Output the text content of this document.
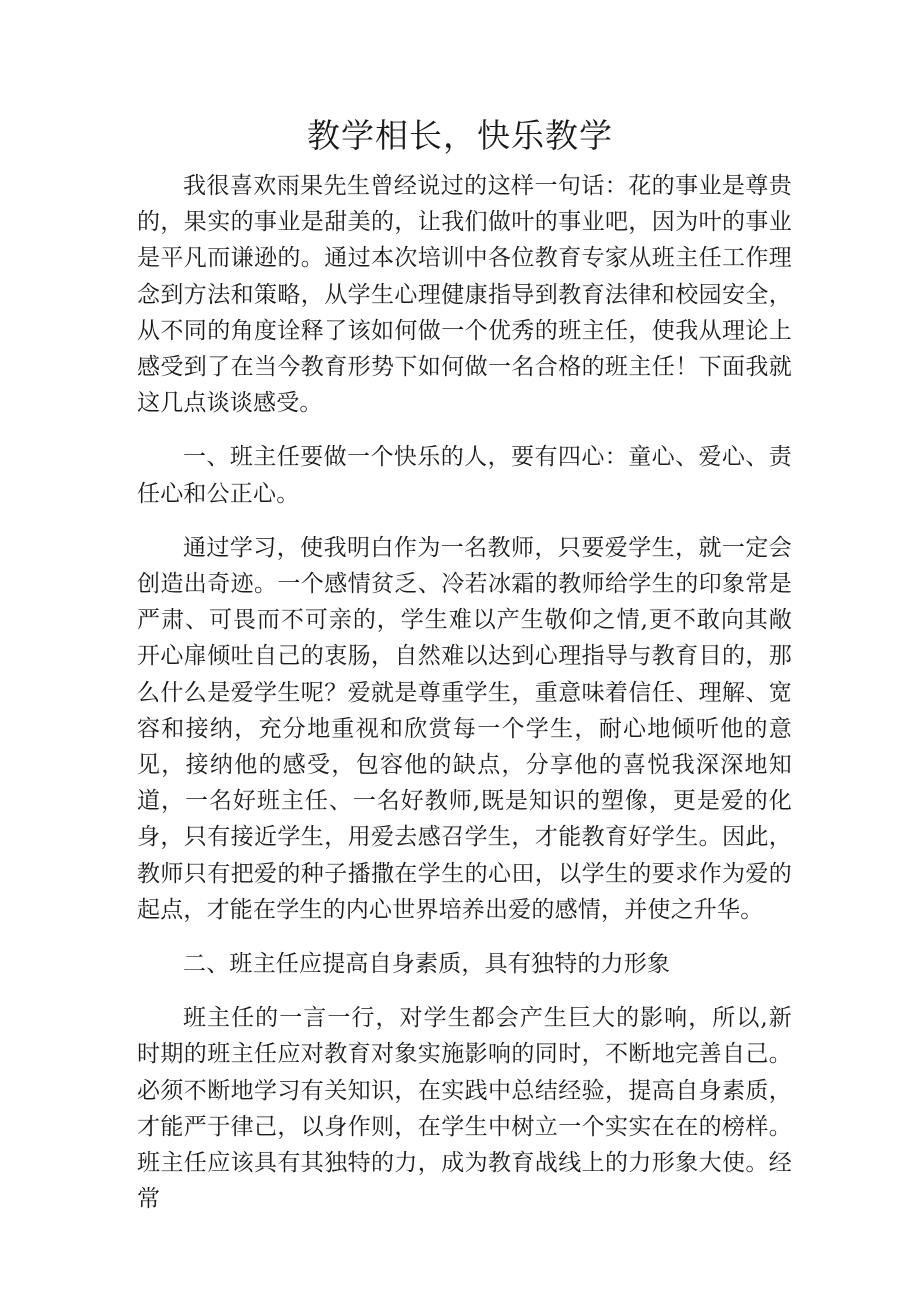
教学相长，快乐教学

我很喜欢雨果先生曾经说过的这样一句话：花的事业是尊贵的，果实的事业是甜美的，让我们做叶的事业吧，因为叶的事业是平凡而谦逊的。通过本次培训中各位教育专家从班主任工作理念到方法和策略，从学生心理健康指导到教育法律和校园安全，从不同的角度诠释了该如何做一个优秀的班主任，使我从理论上感受到了在当今教育形势下如何做一名合格的班主任！下面我就这几点谈谈感受。

一、班主任要做一个快乐的人，要有四心：童心、爱心、责任心和公正心。

通过学习，使我明白作为一名教师，只要爱学生，就一定会创造出奇迹。一个感情贫乏、冷若冰霜的教师给学生的印象常是严肃、可畏而不可亲的，学生难以产生敬仰之情,更不敢向其敞开心扉倾吐自己的衷肠，自然难以达到心理指导与教育目的，那么什么是爱学生呢？爱就是尊重学生，重意味着信任、理解、宽容和接纳，充分地重视和欣赏每一个学生，耐心地倾听他的意见，接纳他的感受，包容他的缺点，分享他的喜悦我深深地知道，一名好班主任、一名好教师,既是知识的塑像，更是爱的化身，只有接近学生，用爱去感召学生，才能教育好学生。因此，教师只有把爱的种子播撒在学生的心田，以学生的要求作为爱的起点，才能在学生的内心世界培养出爱的感情，并使之升华。

二、班主任应提高自身素质，具有独特的力形象

班主任的一言一行，对学生都会产生巨大的影响，所以,新时期的班主任应对教育对象实施影响的同时，不断地完善自己。必须不断地学习有关知识，在实践中总结经验，提高自身素质，才能严于律己，以身作则，在学生中树立一个实实在在的榜样。班主任应该具有其独特的力，成为教育战线上的力形象大使。经常
